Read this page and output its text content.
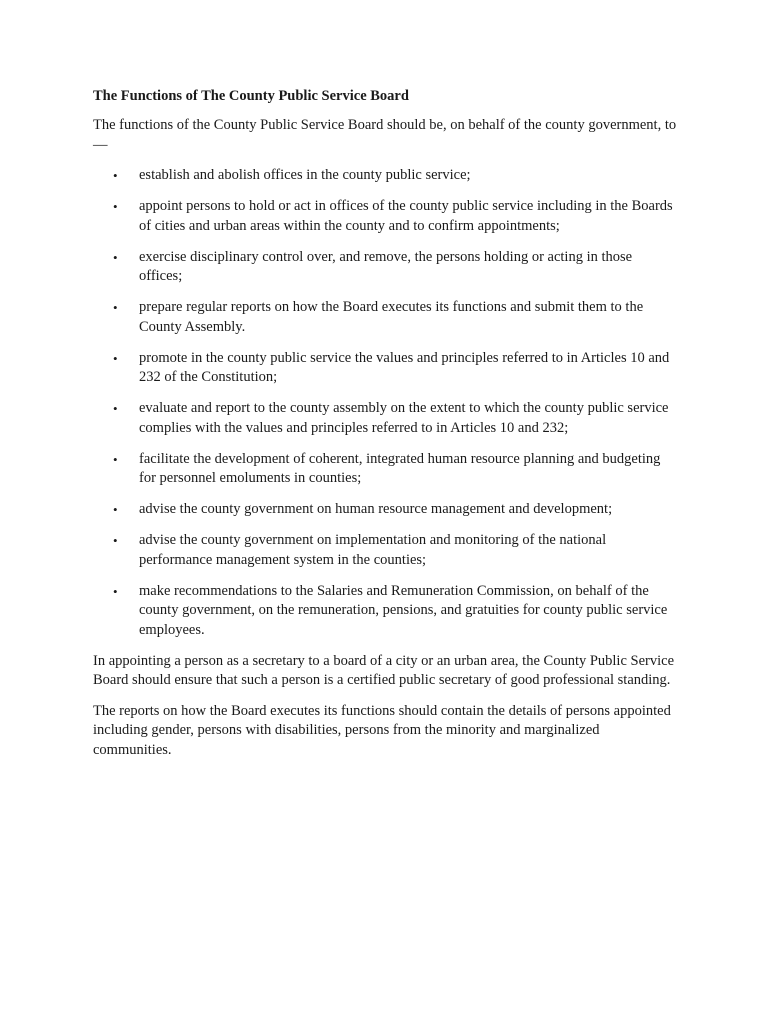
The Functions of The County Public Service Board

The functions of the County Public Service Board should be, on behalf of the county government, to—

• establish and abolish offices in the county public service;
• appoint persons to hold or act in offices of the county public service including in the Boards of cities and urban areas within the county and to confirm appointments;
• exercise disciplinary control over, and remove, the persons holding or acting in those offices;
• prepare regular reports on how the Board executes its functions and submit them to the County Assembly.
• promote in the county public service the values and principles referred to in Articles 10 and 232 of the Constitution;
• evaluate and report to the county assembly on the extent to which the county public service complies with the values and principles referred to in Articles 10 and 232;
• facilitate the development of coherent, integrated human resource planning and budgeting for personnel emoluments in counties;
• advise the county government on human resource management and development;
• advise the county government on implementation and monitoring of the national performance management system in the counties;
• make recommendations to the Salaries and Remuneration Commission, on behalf of the county government, on the remuneration, pensions, and gratuities for county public service employees.

In appointing a person as a secretary to a board of a city or an urban area, the County Public Service Board should ensure that such a person is a certified public secretary of good professional standing.

The reports on how the Board executes its functions should contain the details of persons appointed including gender, persons with disabilities, persons from the minority and marginalized communities.
